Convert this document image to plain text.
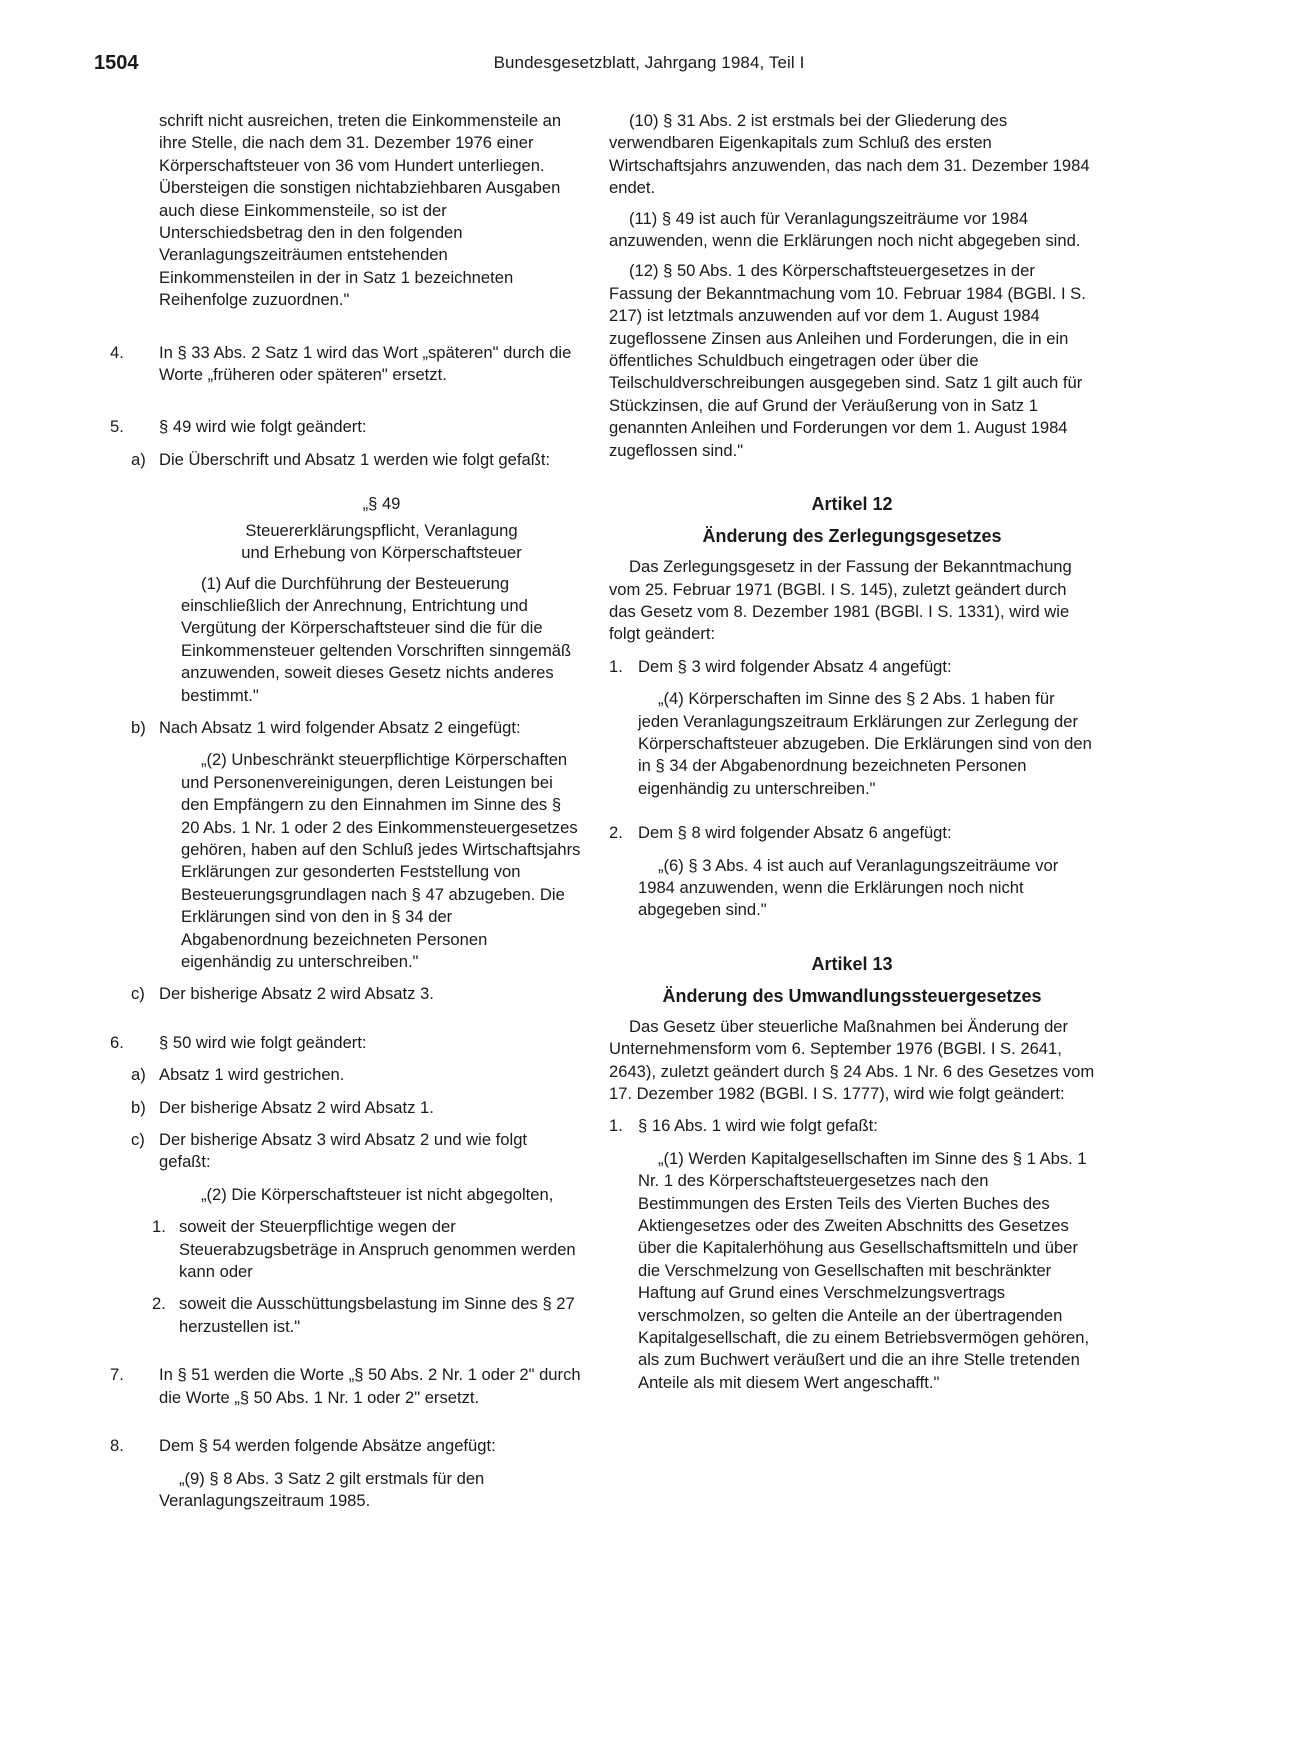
1504	Bundesgesetzblatt, Jahrgang 1984, Teil I

schrift nicht ausreichen, treten die Einkommensteile an ihre Stelle, die nach dem 31. Dezember 1976 einer Körperschaftsteuer von 36 vom Hundert unterliegen. Übersteigen die sonstigen nichtabziehbaren Ausgaben auch diese Einkommensteile, so ist der Unterschiedsbetrag den in den folgenden Veranlagungszeiträumen entstehenden Einkommensteilen in der in Satz 1 bezeichneten Reihenfolge zuzuordnen."

4. In § 33 Abs. 2 Satz 1 wird das Wort „späteren" durch die Worte „früheren oder späteren" ersetzt.

5. § 49 wird wie folgt geändert:

a) Die Überschrift und Absatz 1 werden wie folgt gefaßt:

„§ 49

Steuererklärungspflicht, Veranlagung

und Erhebung von Körperschaftsteuer

(1) Auf die Durchführung der Besteuerung einschließlich der Anrechnung, Entrichtung und Vergütung der Körperschaftsteuer sind die für die Einkommensteuer geltenden Vorschriften sinngemäß anzuwenden, soweit dieses Gesetz nichts anderes bestimmt."

b) Nach Absatz 1 wird folgender Absatz 2 eingefügt:

„(2) Unbeschränkt steuerpflichtige Körperschaften und Personenvereinigungen, deren Leistungen bei den Empfängern zu den Einnahmen im Sinne des § 20 Abs. 1 Nr. 1 oder 2 des Einkommensteuergesetzes gehören, haben auf den Schluß jedes Wirtschaftsjahrs Erklärungen zur gesonderten Feststellung von Besteuerungsgrundlagen nach § 47 abzugeben. Die Erklärungen sind von den in § 34 der Abgabenordnung bezeichneten Personen eigenhändig zu unterschreiben."

c) Der bisherige Absatz 2 wird Absatz 3.

6. § 50 wird wie folgt geändert:

a) Absatz 1 wird gestrichen.

b) Der bisherige Absatz 2 wird Absatz 1.

c) Der bisherige Absatz 3 wird Absatz 2 und wie folgt gefaßt:

„(2) Die Körperschaftsteuer ist nicht abgegolten,

1. soweit der Steuerpflichtige wegen der Steuerabzugsbeträge in Anspruch genommen werden kann oder

2. soweit die Ausschüttungsbelastung im Sinne des § 27 herzustellen ist."

7. In § 51 werden die Worte „§ 50 Abs. 2 Nr. 1 oder 2" durch die Worte „§ 50 Abs. 1 Nr. 1 oder 2" ersetzt.

8. Dem § 54 werden folgende Absätze angefügt:

„(9) § 8 Abs. 3 Satz 2 gilt erstmals für den Veranlagungszeitraum 1985.

(10) § 31 Abs. 2 ist erstmals bei der Gliederung des verwendbaren Eigenkapitals zum Schluß des ersten Wirtschaftsjahrs anzuwenden, das nach dem 31. Dezember 1984 endet.

(11) § 49 ist auch für Veranlagungszeiträume vor 1984 anzuwenden, wenn die Erklärungen noch nicht abgegeben sind.

(12) § 50 Abs. 1 des Körperschaftsteuergesetzes in der Fassung der Bekanntmachung vom 10. Februar 1984 (BGBl. I S. 217) ist letztmals anzuwenden auf vor dem 1. August 1984 zugeflossene Zinsen aus Anleihen und Forderungen, die in ein öffentliches Schuldbuch eingetragen oder über die Teilschuldverschreibungen ausgegeben sind. Satz 1 gilt auch für Stückzinsen, die auf Grund der Veräußerung von in Satz 1 genannten Anleihen und Forderungen vor dem 1. August 1984 zugeflossen sind."

Artikel 12

Änderung des Zerlegungsgesetzes

Das Zerlegungsgesetz in der Fassung der Bekanntmachung vom 25. Februar 1971 (BGBl. I S. 145), zuletzt geändert durch das Gesetz vom 8. Dezember 1981 (BGBl. I S. 1331), wird wie folgt geändert:

1. Dem § 3 wird folgender Absatz 4 angefügt:

„(4) Körperschaften im Sinne des § 2 Abs. 1 haben für jeden Veranlagungszeitraum Erklärungen zur Zerlegung der Körperschaftsteuer abzugeben. Die Erklärungen sind von den in § 34 der Abgabenordnung bezeichneten Personen eigenhändig zu unterschreiben."

2. Dem § 8 wird folgender Absatz 6 angefügt:

„(6) § 3 Abs. 4 ist auch auf Veranlagungszeiträume vor 1984 anzuwenden, wenn die Erklärungen noch nicht abgegeben sind."

Artikel 13

Änderung des Umwandlungssteuergesetzes

Das Gesetz über steuerliche Maßnahmen bei Änderung der Unternehmensform vom 6. September 1976 (BGBl. I S. 2641, 2643), zuletzt geändert durch § 24 Abs. 1 Nr. 6 des Gesetzes vom 17. Dezember 1982 (BGBl. I S. 1777), wird wie folgt geändert:

1. § 16 Abs. 1 wird wie folgt gefaßt:

„(1) Werden Kapitalgesellschaften im Sinne des § 1 Abs. 1 Nr. 1 des Körperschaftsteuergesetzes nach den Bestimmungen des Ersten Teils des Vierten Buches des Aktiengesetzes oder des Zweiten Abschnitts des Gesetzes über die Kapitalerhöhung aus Gesellschaftsmitteln und über die Verschmelzung von Gesellschaften mit beschränkter Haftung auf Grund eines Verschmelzungsvertrags verschmolzen, so gelten die Anteile an der übertragenden Kapitalgesellschaft, die zu einem Betriebsvermögen gehören, als zum Buchwert veräußert und die an ihre Stelle tretenden Anteile als mit diesem Wert angeschafft."
